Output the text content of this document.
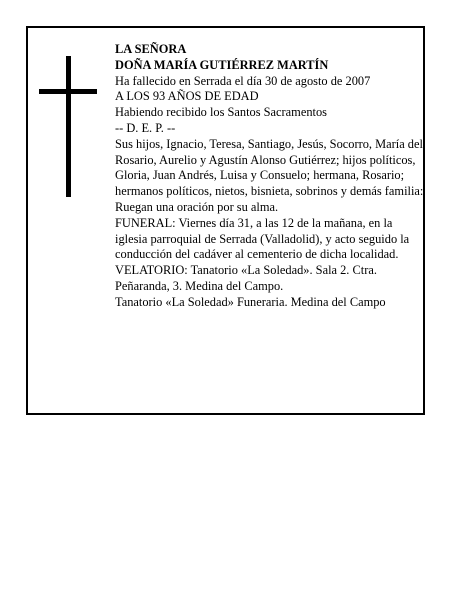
LA SEÑORA

DOÑA MARÍA GUTIÉRREZ MARTÍN

Ha fallecido en Serrada el día 30 de agosto de 2007

A LOS 93 AÑOS DE EDAD

Habiendo recibido los Santos Sacramentos

-- D. E. P. --

Sus hijos, Ignacio, Teresa, Santiago, Jesús, Socorro, María del Rosario, Aurelio y Agustín Alonso Gutiérrez; hijos políticos, Gloria, Juan Andrés, Luisa y Consuelo; hermana, Rosario; hermanos políticos, nietos, bisnieta, sobrinos y demás familia:

Ruegan una oración por su alma.

FUNERAL: Viernes día 31, a las 12 de la mañana, en la iglesia parroquial de Serrada (Valladolid), y acto seguido la conducción del cadáver al cementerio de dicha localidad.

VELATORIO: Tanatorio «La Soledad». Sala 2. Ctra. Peñaranda, 3. Medina del Campo.

Tanatorio «La Soledad» Funeraria. Medina del Campo
